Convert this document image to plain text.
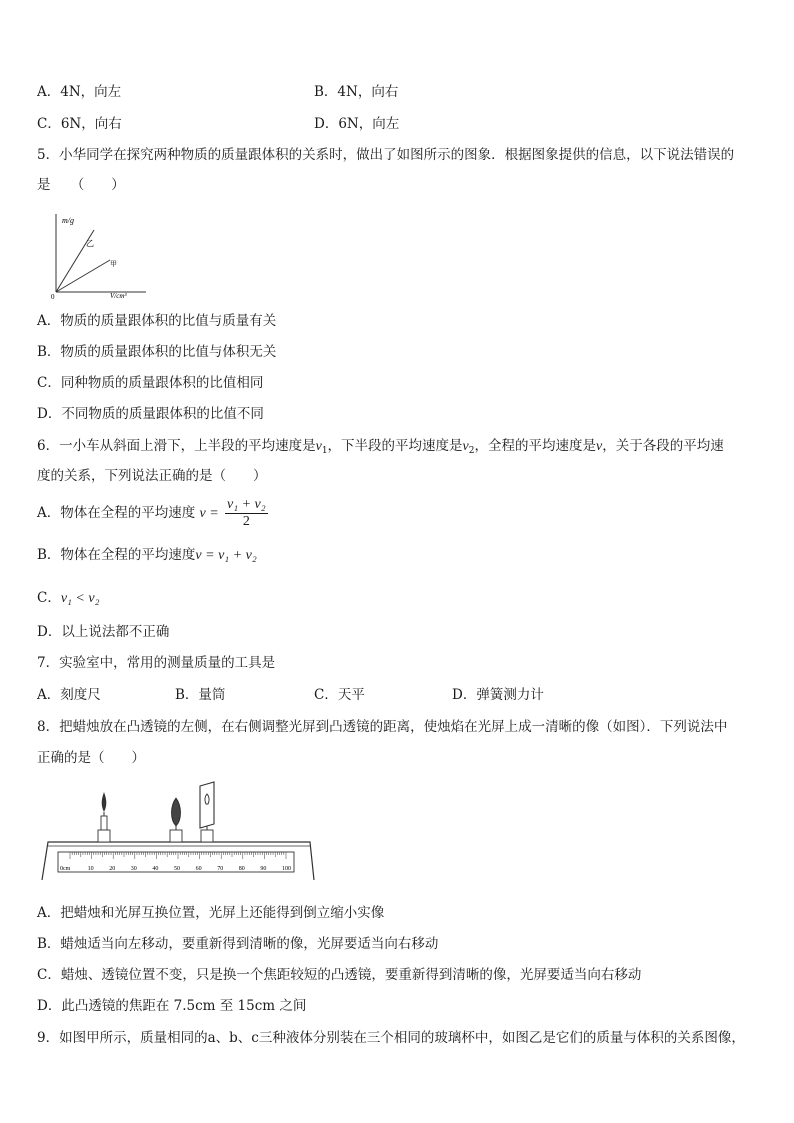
A．4N，向左	B．4N，向右
C．6N，向右	D．6N，向左
5．小华同学在探究两种物质的质量跟体积的关系时，做出了如图所示的图象．根据图象提供的信息，以下说法错误的
是　　（　　）
m/g
乙
甲
0	V/cm³
A．物质的质量跟体积的比值与质量有关
B．物质的质量跟体积的比值与体积无关
C．同种物质的质量跟体积的比值相同
D．不同物质的质量跟体积的比值不同
6．一小车从斜面上滑下，上半段的平均速度是$v_1$，下半段的平均速度是$v_2$，全程的平均速度是v，关于各段的平均速
度的关系，下列说法正确的是（　　）
A．物体在全程的平均速度 $v = \frac{\text{v₁ + v₂}}{2}$
B．物体在全程的平均速度v = v₁ + v₂
C．v₁ < v₂
D．以上说法都不正确
7．实验室中，常用的测量质量的工具是
A．刻度尺	B．量筒	C．天平	D．弹簧测力计
8．把蜡烛放在凸透镜的左侧，在右侧调整光屏到凸透镜的距离，使烛焰在光屏上成一清晰的像（如图）．下列说法中
正确的是（　　）
0cm	10	20	30	40	50	60	70	80	90	100
A．把蜡烛和光屏互换位置，光屏上还能得到倒立缩小实像
B．蜡烛适当向左移动，要重新得到清晰的像，光屏要适当向右移动
C．蜡烛、透镜位置不变，只是换一个焦距较短的凸透镜，要重新得到清晰的像，光屏要适当向右移动
D．此凸透镜的焦距在 7.5cm 至 15cm 之间
9．如图甲所示，质量相同的a、b、c三种液体分别装在三个相同的玻璃杯中，如图乙是它们的质量与体积的关系图像，
